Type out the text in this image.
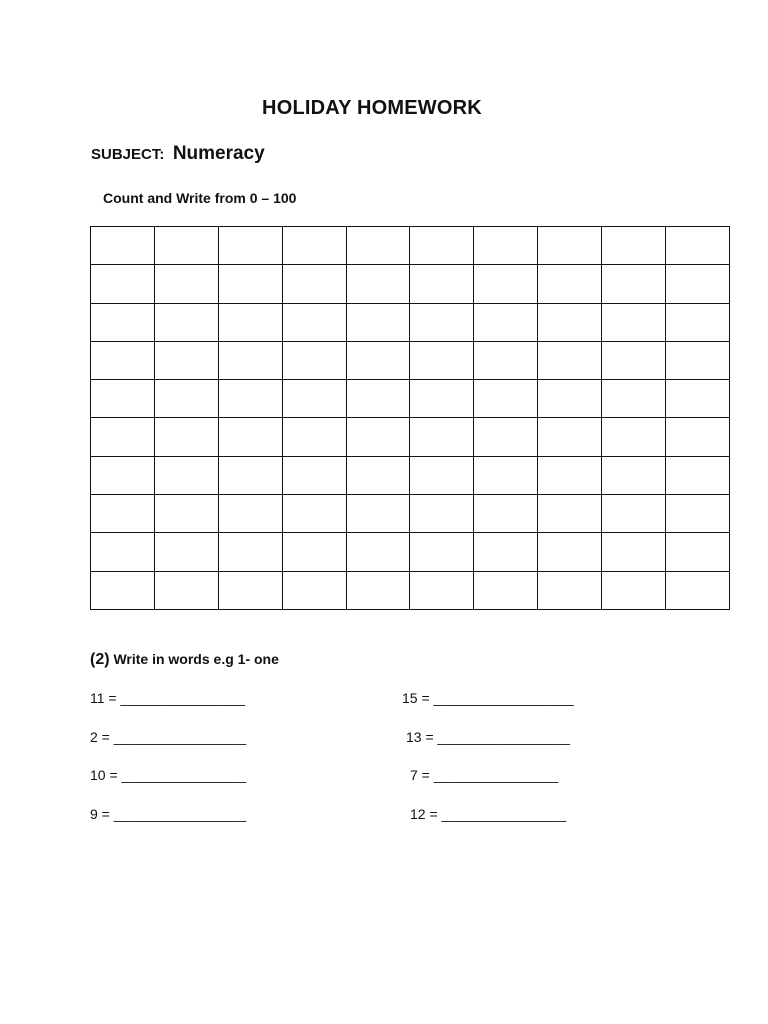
HOLIDAY HOMEWORK
SUBJECT: Numeracy
Count and Write from 0 – 100

(2) Write in words e.g 1- one
11 = ________________
2 = _________________
10 = ________________
9 = _________________
15 = __________________
13 = _________________
7 = ________________
12 = ________________
